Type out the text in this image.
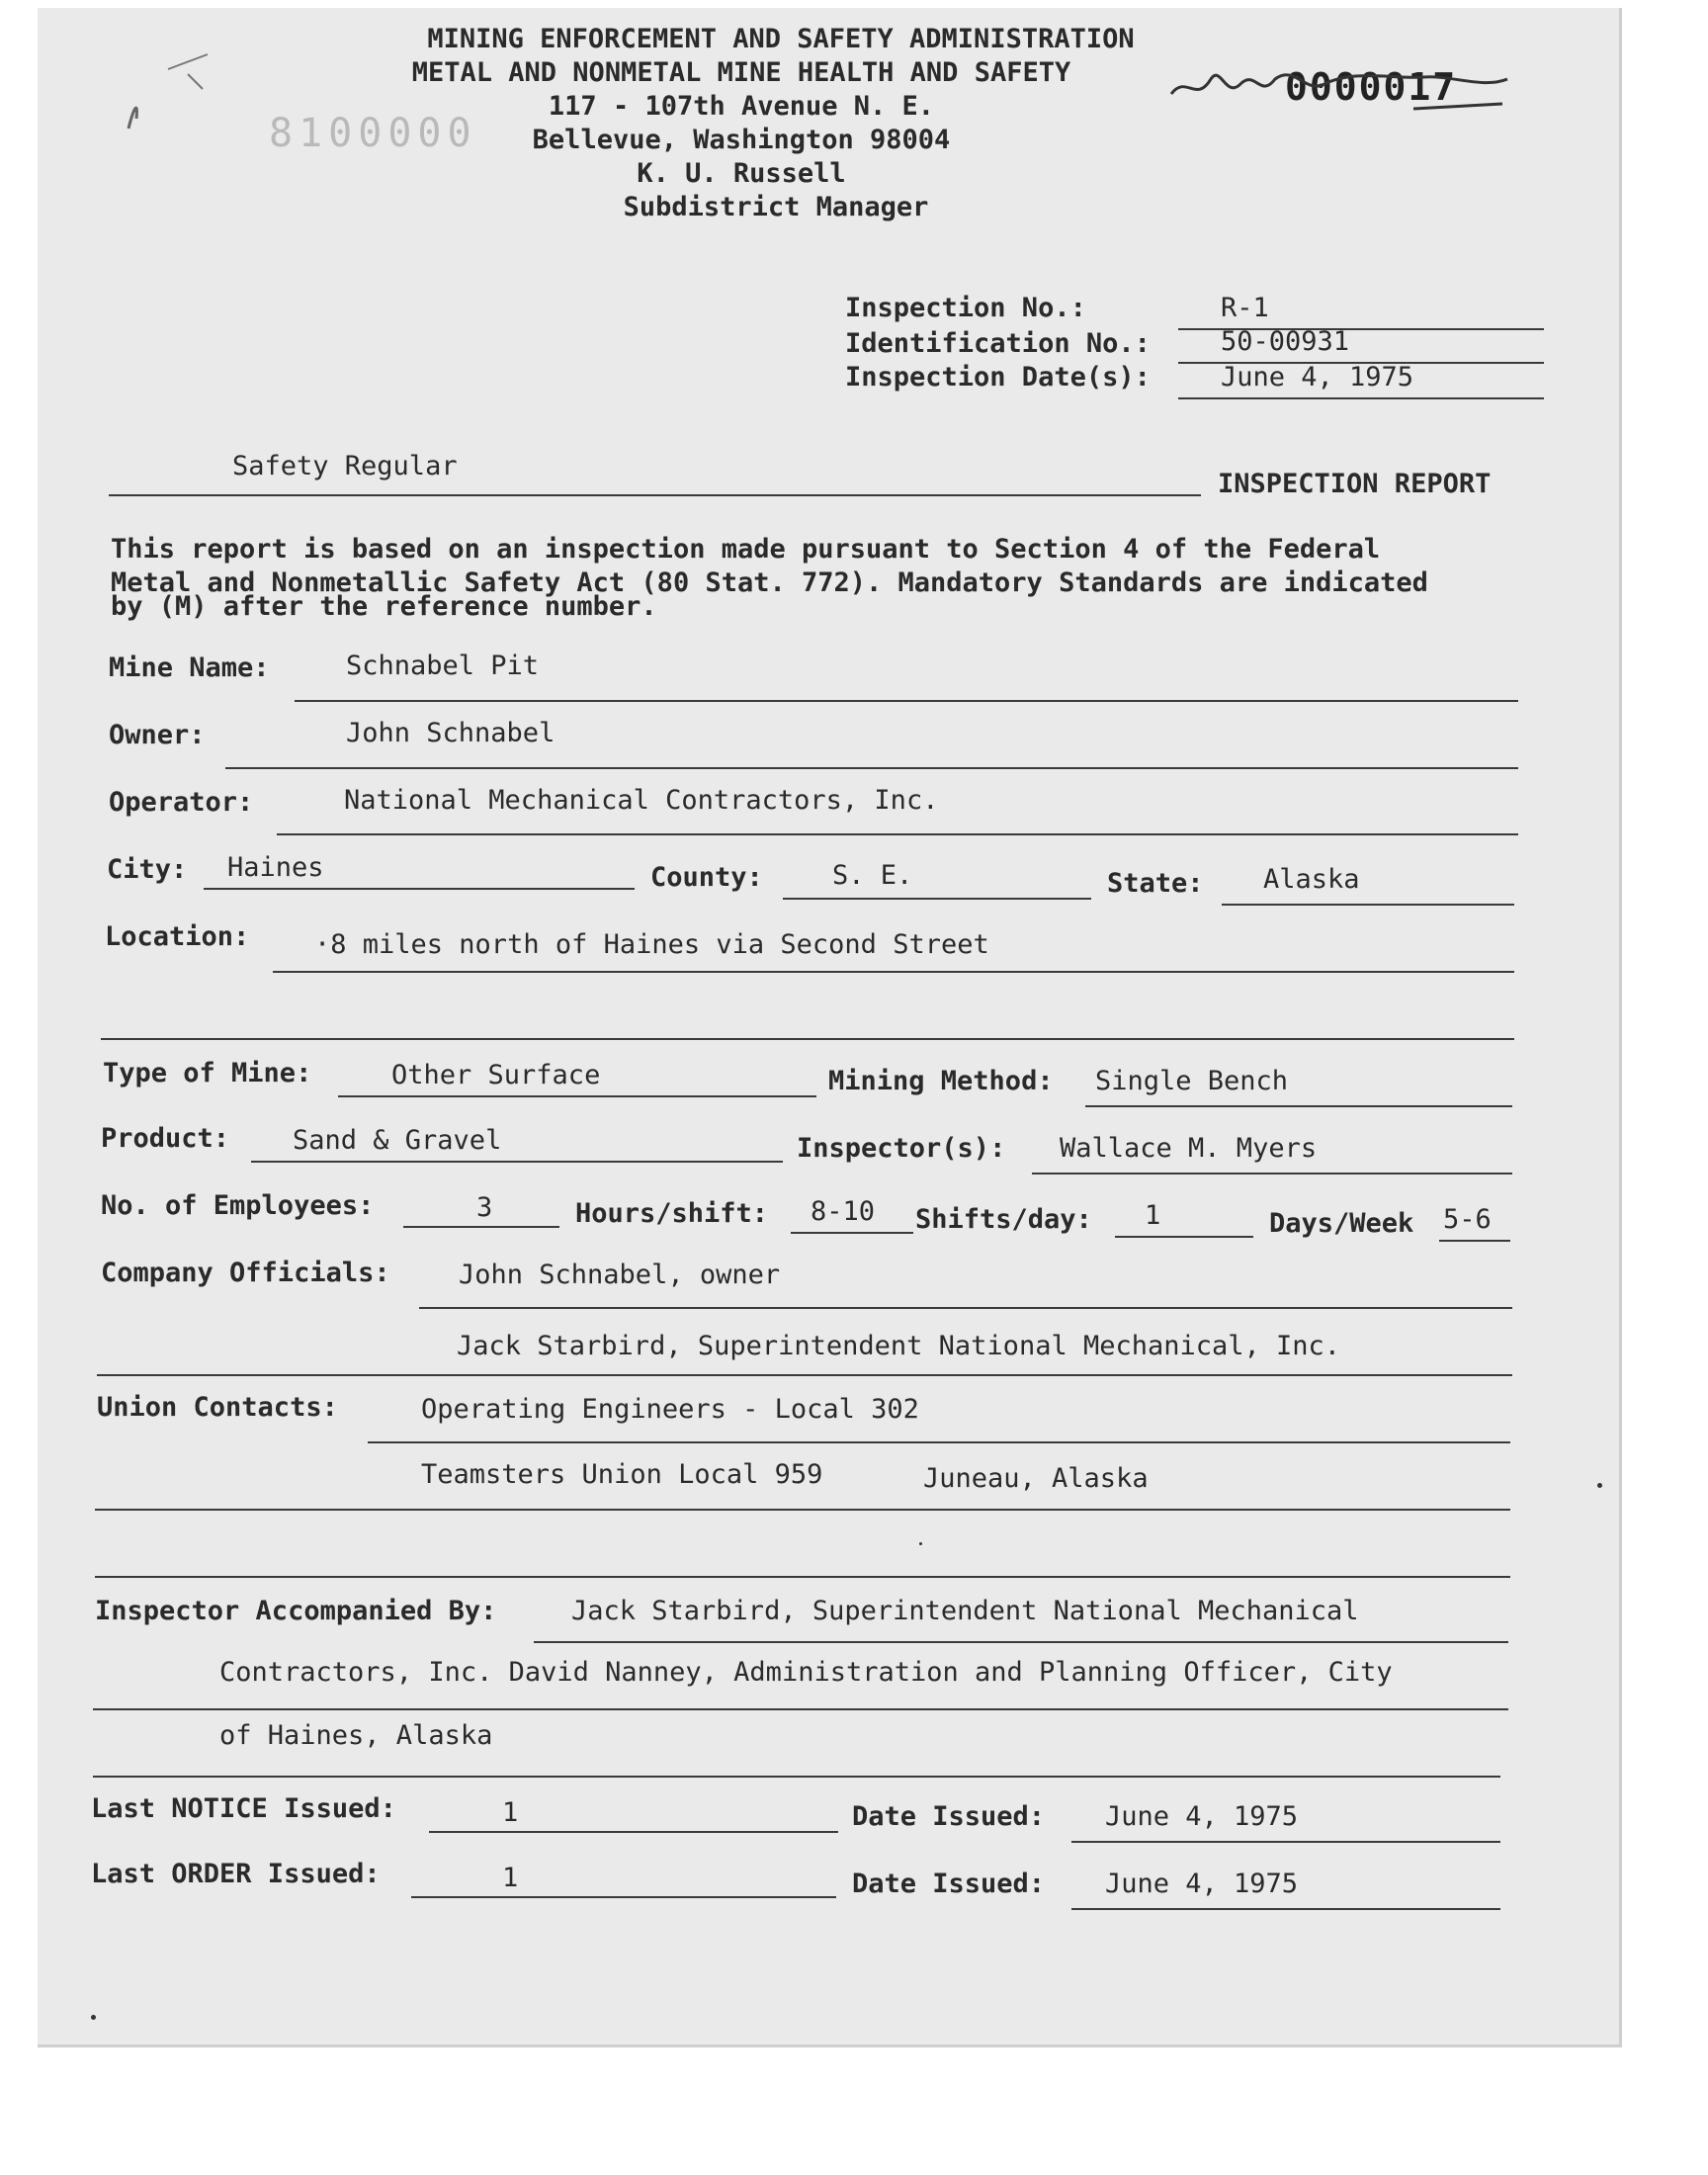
8100000
0000017
MINING ENFORCEMENT AND SAFETY ADMINISTRATION
METAL AND NONMETAL MINE HEALTH AND SAFETY
117 - 107th Avenue N. E.
Bellevue, Washington 98004
K. U. Russell
Subdistrict Manager
Inspection No.:	R-1
Identification No.:	50-00931
Inspection Date(s):	June 4, 1975
Safety Regular
INSPECTION REPORT
This report is based on an inspection made pursuant to Section 4 of the Federal
Metal and Nonmetallic Safety Act (80 Stat. 772). Mandatory Standards are indicated
by (M) after the reference number.
Mine Name:	Schnabel Pit
Owner:	John Schnabel
Operator:	National Mechanical Contractors, Inc.
City: Haines	County:	S. E.	State: Alaska
Location: ·8 miles north of Haines via Second Street
Type of Mine:	Other Surface	Mining Method: Single Bench
Product: Sand & Gravel	Inspector(s): Wallace M. Myers
No. of Employees:	3	Hours/shift: 8-10 Shifts/day: 1	Days/Week 5-6
Company Officials:	John Schnabel, owner
Jack Starbird, Superintendent National Mechanical, Inc.
Union Contacts:	Operating Engineers - Local 302
Teamsters Union Local 959	Juneau, Alaska
Inspector Accompanied By:	Jack Starbird, Superintendent National Mechanical
Contractors, Inc. David Nanney, Administration and Planning Officer, City
of Haines, Alaska
Last NOTICE Issued:	1	Date Issued: June 4, 1975
Last ORDER Issued:	1	Date Issued: June 4, 1975
